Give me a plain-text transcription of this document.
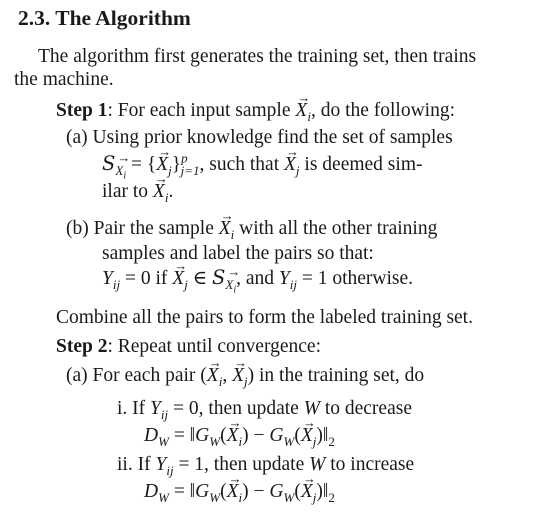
2.3. The Algorithm
The algorithm first generates the training set, then trains
the machine.
Step 1: For each input sample → $X_i$, do the following:
(a) Using prior knowledge find the set of samples
S→ $_{X_i}$ = {→ $X_j\}^p_{j=1}$, such that → $X_j$ is deemed sim-
ilar to → $X_i$.
(b) Pair the sample → $X_i$ with all the other training
samples and label the pairs so that:
$Y_{ij} = 0$ if → $X_j$ ∈ S→ $_{X_i}$, and $Y_{ij} = 1$ otherwise.
Combine all the pairs to form the labeled training set.
Step 2: Repeat until convergence:
(a) For each pair (→ $X_i$, → $X_j$) in the training set, do
i. If $Y_{ij} = 0$, then update W to decrease
$D_W$ = $‖G_W(\to X_i) - G_W(\to$ $X_j)‖_2$
ii. If $Y_{ij} = 1$, then update W to increase
$D_W$ = $‖G_W(\to X_i) - G_W(\to$ $X_j)‖_2$
